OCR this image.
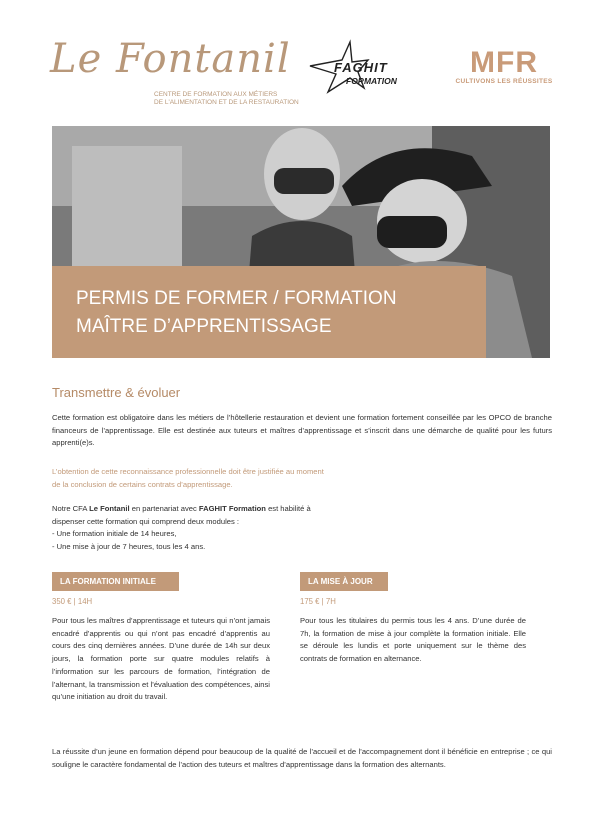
Le Fontanil
CENTRE DE FORMATION AUX MÉTIERS
DE L'ALIMENTATION ET DE LA RESTAURATION
FAGHIT
FORMATION
MFR
CULTIVONS LES RÉUSSITES
PERMIS DE FORMER / FORMATION
MAÎTRE D’APPRENTISSAGE
Transmettre & évoluer
Cette formation est obligatoire dans les métiers de l’hôtellerie restauration et devient une formation fortement conseillée par les OPCO de branche financeurs de l’apprentissage. Elle est destinée aux tuteurs et maîtres d’apprentissage et s’inscrit dans une démarche de qualité pour les futurs apprenti(e)s.
L’obtention de cette reconnaissance professionnelle doit être justifiée au moment
de la conclusion de certains contrats d’apprentissage.
Notre CFA Le Fontanil en partenariat avec FAGHIT Formation est habilité à
dispenser cette formation qui comprend deux modules :
- Une formation initiale de 14 heures,
- Une mise à jour de 7 heures, tous les 4 ans.
LA FORMATION INITIALE
350 € | 14H
Pour tous les maîtres d’apprentissage et tuteurs qui n’ont jamais encadré d’apprentis ou qui n’ont pas encadré d’apprentis au cours des cinq dernières années. D’une durée de 14h sur deux jours, la formation porte sur quatre modules relatifs à l’information sur les parcours de formation, l’intégration de l’alternant, la transmission et l’évaluation des compétences, ainsi qu’une initiation au droit du travail.
LA MISE À JOUR
175 € | 7H
Pour tous les titulaires du permis tous les 4 ans. D’une durée de 7h, la formation de mise à jour complète la formation initiale. Elle se déroule les lundis et porte uniquement sur le thème des contrats de formation en alternance.
La réussite d’un jeune en formation dépend pour beaucoup de la qualité de l’accueil et de l’accompagnement dont il bénéficie en entreprise ; ce qui souligne le caractère fondamental de l’action des tuteurs et maîtres d’apprentissage dans la formation des alternants.
